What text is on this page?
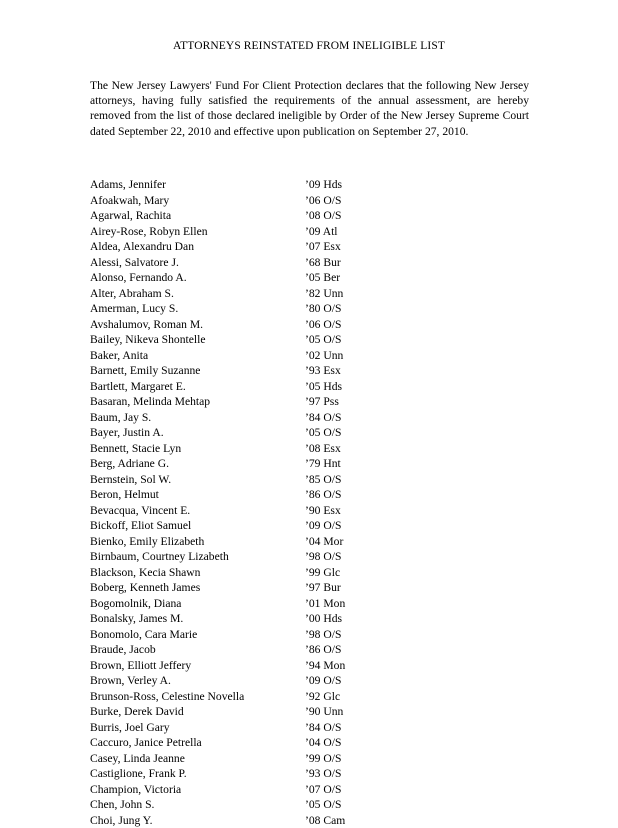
ATTORNEYS REINSTATED FROM INELIGIBLE LIST

The New Jersey Lawyers' Fund For Client Protection declares that the following New Jersey attorneys, having fully satisfied the requirements of the annual assessment, are hereby removed from the list of those declared ineligible by Order of the New Jersey Supreme Court dated September 22, 2010 and effective upon publication on September 27, 2010.

Adams, Jennifer	’09 Hds
Afoakwah, Mary	’06 O/S
Agarwal, Rachita	’08 O/S
Airey-Rose, Robyn Ellen	’09 Atl
Aldea, Alexandru Dan	’07 Esx
Alessi, Salvatore J.	’68 Bur
Alonso, Fernando A.	’05 Ber
Alter, Abraham S.	’82 Unn
Amerman, Lucy S.	’80 O/S
Avshalumov, Roman M.	’06 O/S
Bailey, Nikeva Shontelle	’05 O/S
Baker, Anita	’02 Unn
Barnett, Emily Suzanne	’93 Esx
Bartlett, Margaret E.	’05 Hds
Basaran, Melinda Mehtap	’97 Pss
Baum, Jay S.	’84 O/S
Bayer, Justin A.	’05 O/S
Bennett, Stacie Lyn	’08 Esx
Berg, Adriane G.	’79 Hnt
Bernstein, Sol W.	’85 O/S
Beron, Helmut	’86 O/S
Bevacqua, Vincent E.	’90 Esx
Bickoff, Eliot Samuel	’09 O/S
Bienko, Emily Elizabeth	’04 Mor
Birnbaum, Courtney Lizabeth	’98 O/S
Blackson, Kecia Shawn	’99 Glc
Boberg, Kenneth James	’97 Bur
Bogomolnik, Diana	’01 Mon
Bonalsky, James M.	’00 Hds
Bonomolo, Cara Marie	’98 O/S
Braude, Jacob	’86 O/S
Brown, Elliott Jeffery	’94 Mon
Brown, Verley A.	’09 O/S
Brunson-Ross, Celestine Novella	’92 Glc
Burke, Derek David	’90 Unn
Burris, Joel Gary	’84 O/S
Caccuro, Janice Petrella	’04 O/S
Casey, Linda Jeanne	’99 O/S
Castiglione, Frank P.	’93 O/S
Champion, Victoria	’07 O/S
Chen, John S.	’05 O/S
Choi, Jung Y.	’08 Cam
